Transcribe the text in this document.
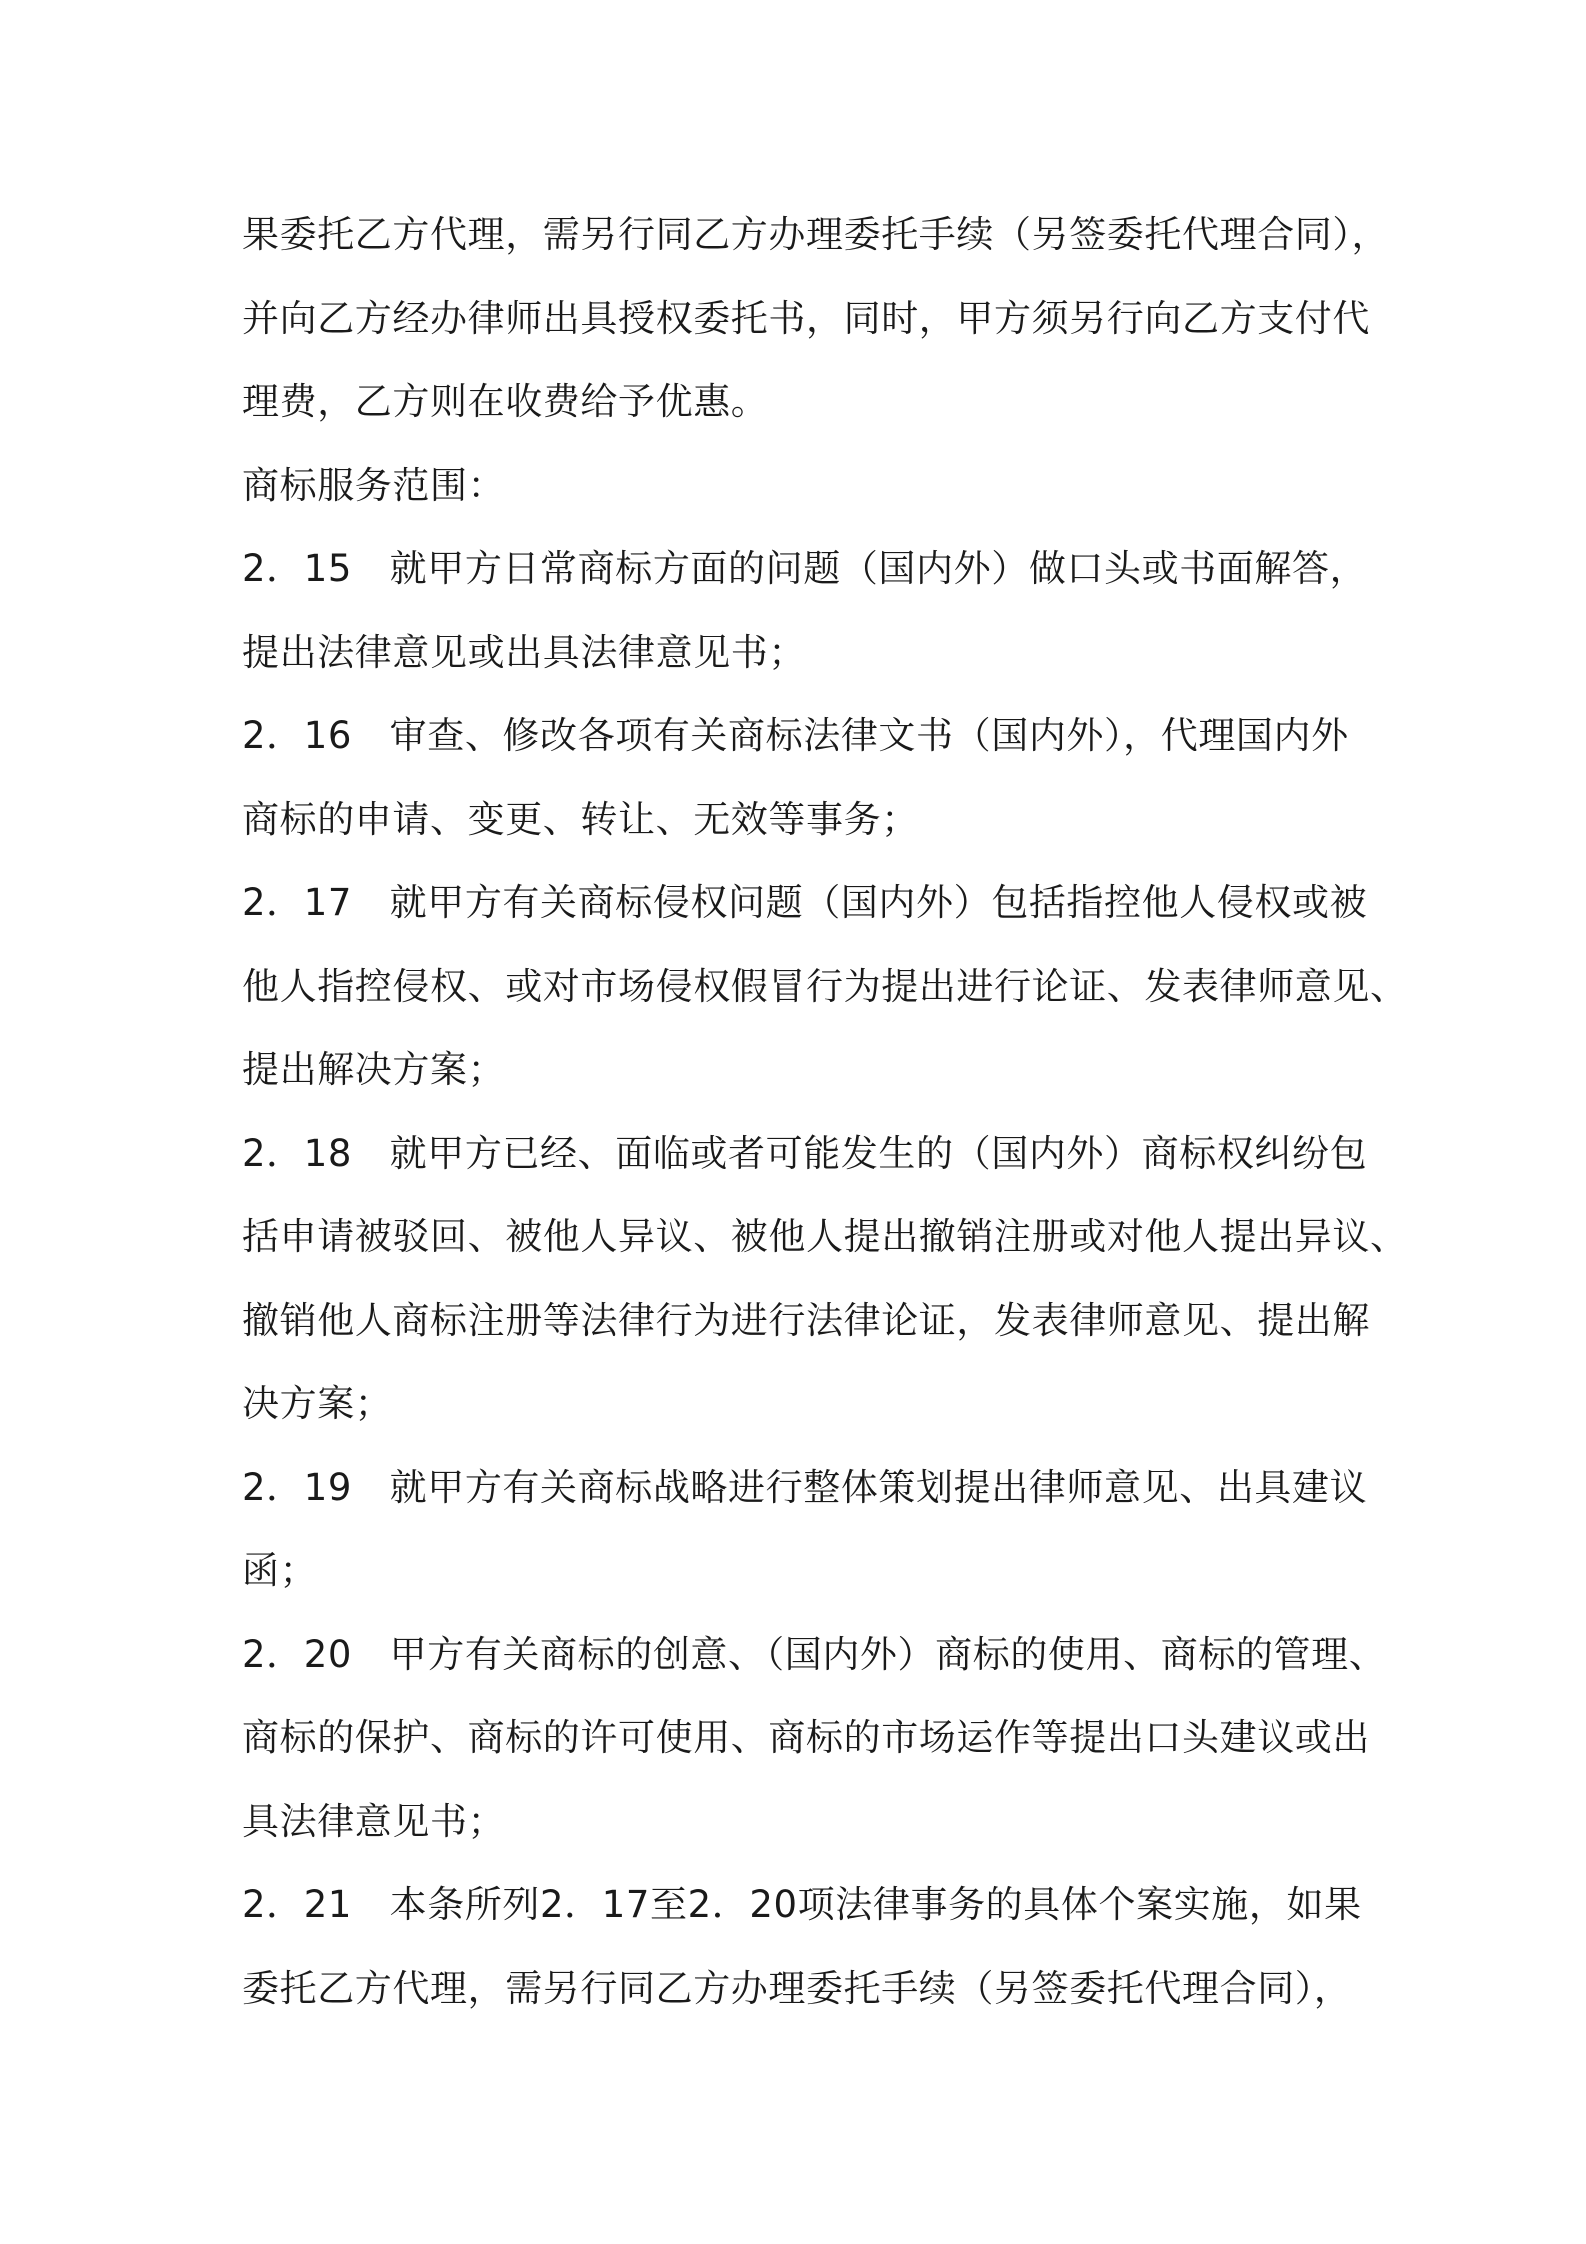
果委托乙方代理，需另行同乙方办理委托手续（另签委托代理合同），
并向乙方经办律师出具授权委托书，同时，甲方须另行向乙方支付代
理费，乙方则在收费给予优惠。
商标服务范围：
2．15　就甲方日常商标方面的问题（国内外）做口头或书面解答，
提出法律意见或出具法律意见书；
2．16　审查、修改各项有关商标法律文书（国内外），代理国内外
商标的申请、变更、转让、无效等事务；
2．17　就甲方有关商标侵权问题（国内外）包括指控他人侵权或被
他人指控侵权、或对市场侵权假冒行为提出进行论证、发表律师意见、
提出解决方案；
2．18　就甲方已经、面临或者可能发生的（国内外）商标权纠纷包
括申请被驳回、被他人异议、被他人提出撤销注册或对他人提出异议、
撤销他人商标注册等法律行为进行法律论证，发表律师意见、提出解
决方案；
2．19　就甲方有关商标战略进行整体策划提出律师意见、出具建议
函；
2．20　甲方有关商标的创意、（国内外）商标的使用、商标的管理、
商标的保护、商标的许可使用、商标的市场运作等提出口头建议或出
具法律意见书；
2．21　本条所列2．17至2．20项法律事务的具体个案实施，如果
委托乙方代理，需另行同乙方办理委托手续（另签委托代理合同），
